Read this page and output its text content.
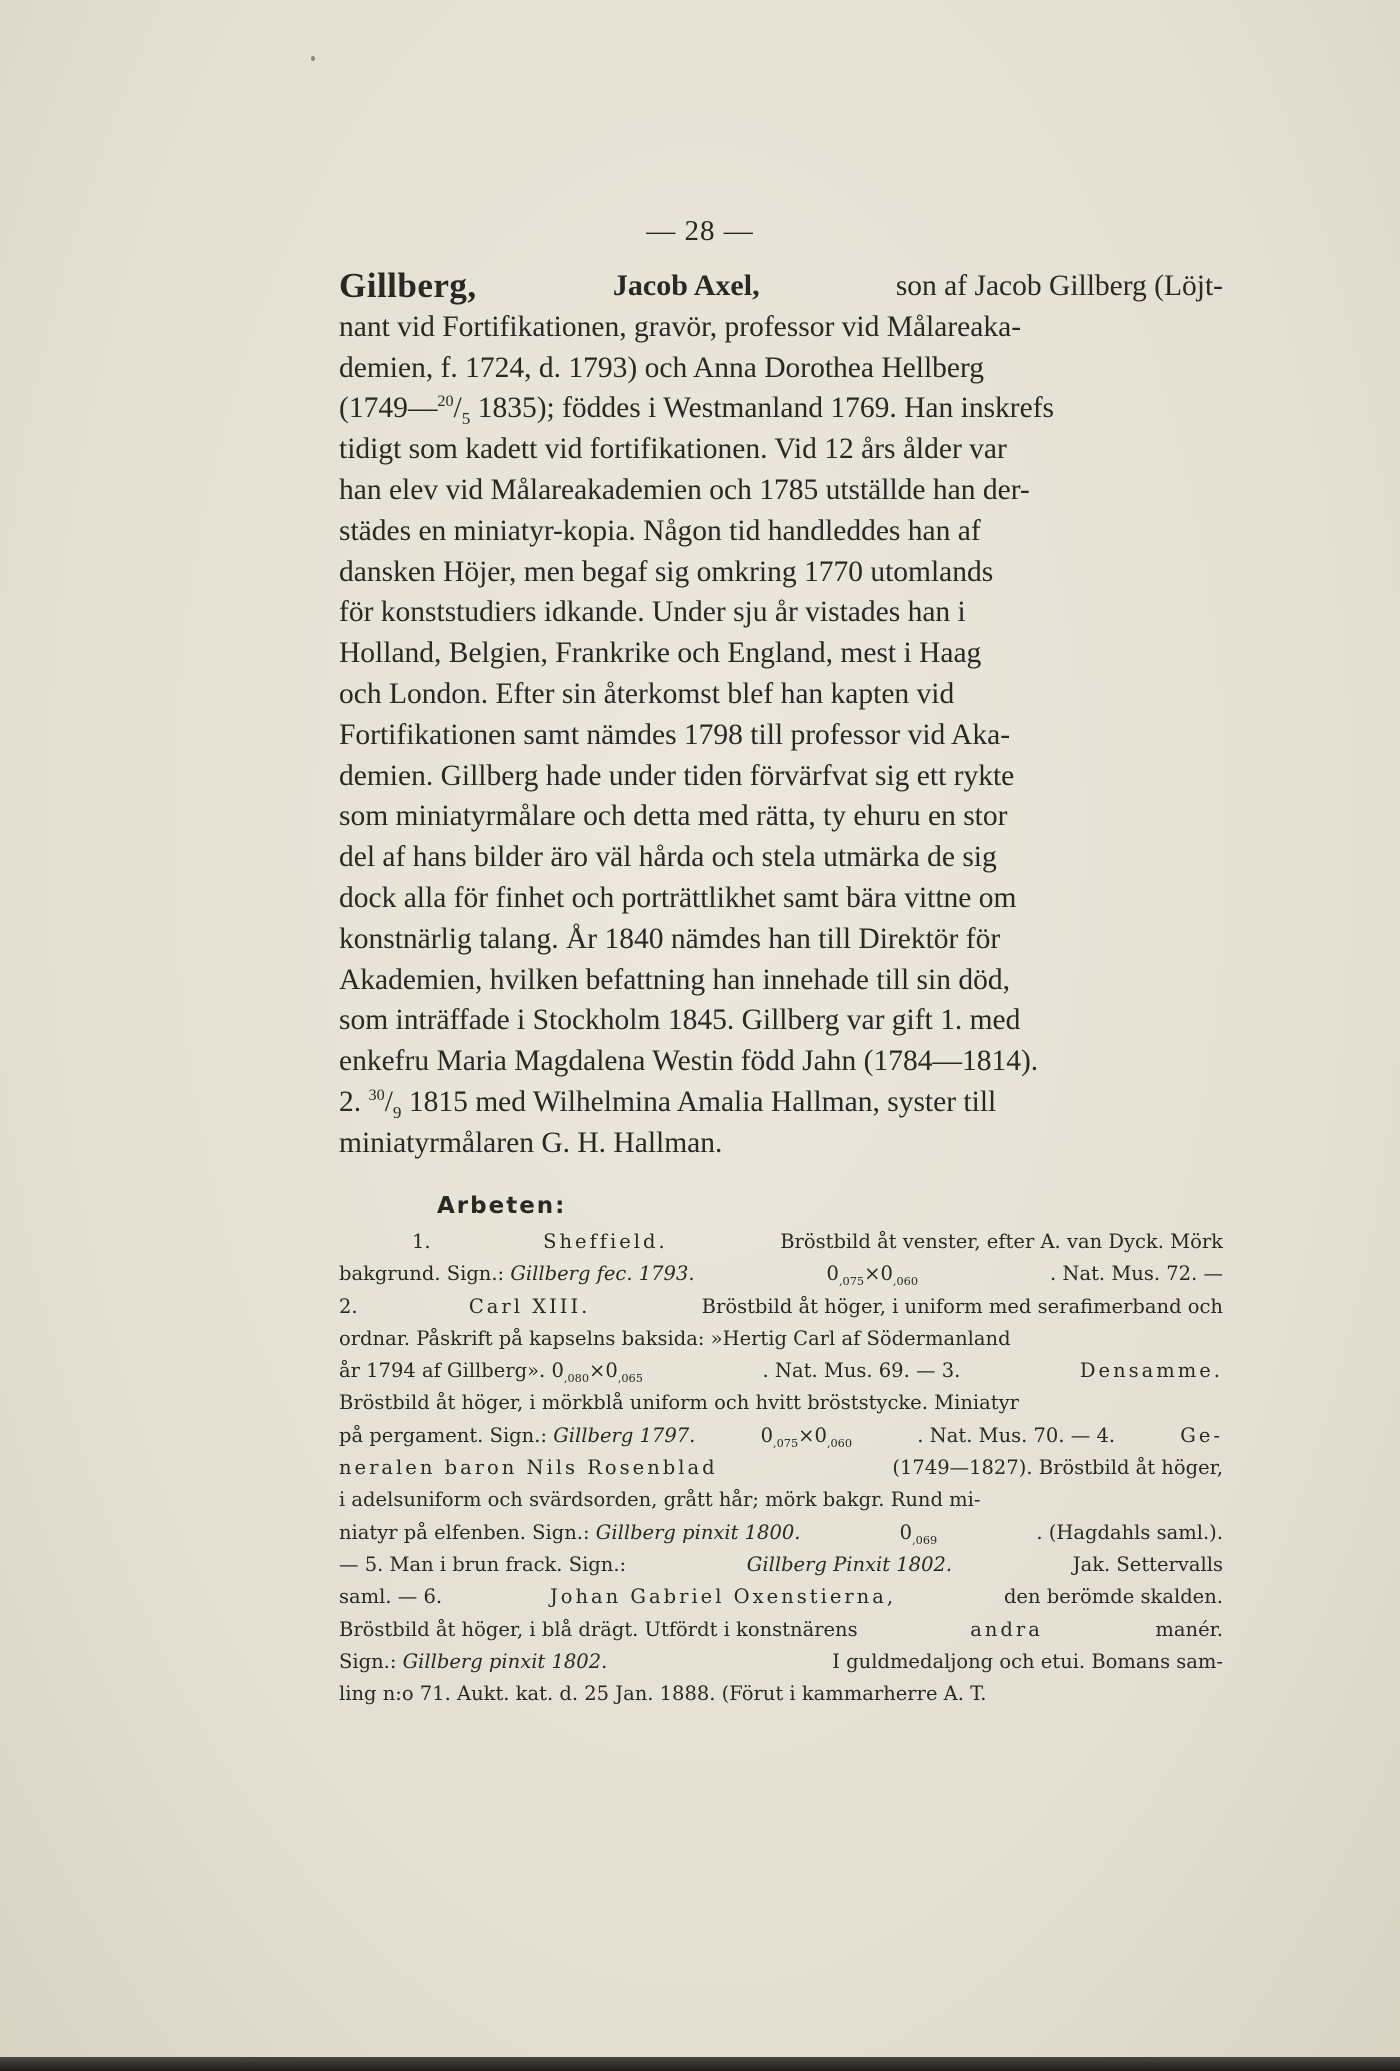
— 28 —
Gillberg,	Jacob Axel,	son af Jacob Gillberg (Löjt-
nant vid Fortifikationen, gravör, professor vid Målareaka-
demien, f. 1724, d. 1793) och Anna Dorothea Hellberg
($1749—^{20}/_5$ 1835); föddes i Westmanland 1769. Han inskrefs
tidigt som kadett vid fortifikationen. Vid 12 års ålder var
han elev vid Målareakademien och 1785 utställde han der-
städes en miniatyr-kopia. Någon tid handleddes han af
dansken Höjer, men begaf sig omkring 1770 utomlands
för konststudiers idkande. Under sju år vistades han i
Holland, Belgien, Frankrike och England, mest i Haag
och London. Efter sin återkomst blef han kapten vid
Fortifikationen samt nämdes 1798 till professor vid Aka-
demien. Gillberg hade under tiden förvärfvat sig ett rykte
som miniatyrmålare och detta med rätta, ty ehuru en stor
del af hans bilder äro väl hårda och stela utmärka de sig
dock alla för finhet och porträttlikhet samt bära vittne om
konstnärlig talang. År 1840 nämdes han till Direktör för
Akademien, hvilken befattning han innehade till sin död,
som inträffade i Stockholm 1845. Gillberg var gift 1. med
enkefru Maria Magdalena Westin född Jahn (1784—1814).
2. $^{30}/_9$ 1815 med Wilhelmina Amalia Hallman, syster till
miniatyrmålaren G. H. Hallman.
Arbeten:
1.	Sheffield.	Bröstbild åt venster, efter A. van Dyck. Mörk
bakgrund. Sign.: Gillberg fec. 1793.	$0_{,075}\times 0_{,060}$	. Nat. Mus. 72. —
2.	Carl XIII.	Bröstbild åt höger, i uniform med serafimerband och
ordnar. Påskrift på kapselns baksida: »Hertig Carl af Södermanland
år 1794 af Gillberg». $0_{,080}\times 0_{,065}$	. Nat. Mus. 69. — 3.	Densamme.
Bröstbild åt höger, i mörkblå uniform och hvitt bröststycke. Miniatyr
på pergament. Sign.: Gillberg 1797.	$0_{,075}\times 0_{,060}$	. Nat. Mus. 70. — 4.	Ge-
neralen baron Nils Rosenblad	(1749—1827). Bröstbild åt höger,
i adelsuniform och svärdsorden, grått hår; mörk bakgr. Rund mi-
niatyr på elfenben. Sign.: Gillberg pinxit 1800.	$0_{,069}$	. (Hagdahls saml.).
— 5. Man i brun frack. Sign.:	Gillberg Pinxit 1802.	Jak. Settervalls
saml. — 6.	Johan Gabriel Oxenstierna,	den berömde skalden.
Bröstbild åt höger, i blå drägt. Utfördt i konstnärens	andra	manér.
Sign.: Gillberg pinxit 1802.	I guldmedaljong och etui. Bomans sam-
ling n:o 71. Aukt. kat. d. 25 Jan. 1888. (Förut i kammarherre A. T.
